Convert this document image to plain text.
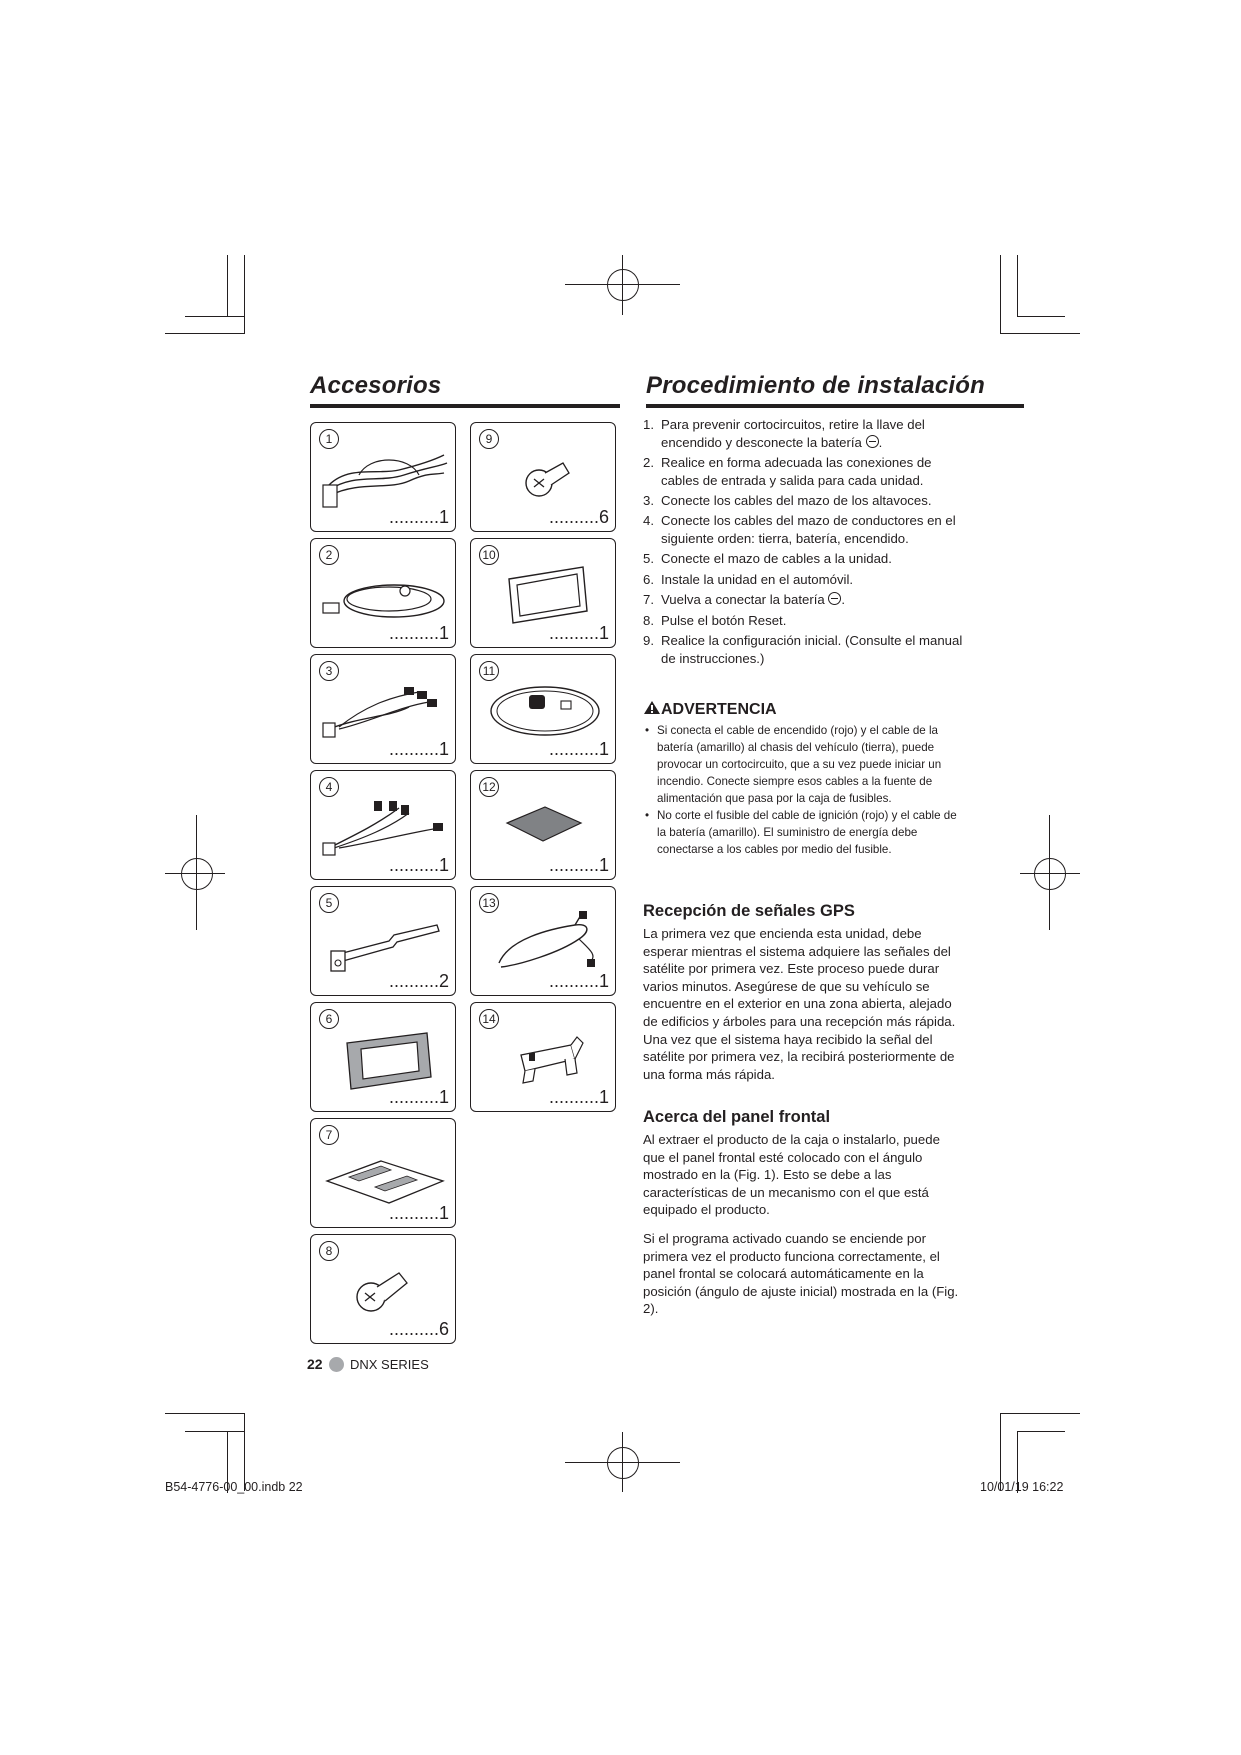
Accesorios
1
..........1
2
..........1
3
..........1
4
..........1
5
..........2
6
..........1
7
..........1
8
..........6
9
..........6
10
..........1
11
..........1
12
..........1
13
..........1
14
..........1
Procedimiento de instalación
1. Para prevenir cortocircuitos, retire la llave del encendido y desconecte la batería .
2. Realice en forma adecuada las conexiones de cables de entrada y salida para cada unidad.
3. Conecte los cables del mazo de los altavoces.
4. Conecte los cables del mazo de conductores en el siguiente orden: tierra, batería, encendido.
5. Conecte el mazo de cables a la unidad.
6. Instale la unidad en el automóvil.
7. Vuelva a conectar la batería .
8. Pulse el botón Reset.
9. Realice la configuración inicial. (Consulte el manual de instrucciones.)
ADVERTENCIA
• Si conecta el cable de encendido (rojo) y el cable de la batería (amarillo) al chasis del vehículo (tierra), puede provocar un cortocircuito, que a su vez puede iniciar un incendio. Conecte siempre esos cables a la fuente de alimentación que pasa por la caja de fusibles.
• No corte el fusible del cable de ignición (rojo) y el cable de la batería (amarillo). El suministro de energía debe conectarse a los cables por medio del fusible.
Recepción de señales GPS

La primera vez que encienda esta unidad, debe esperar mientras el sistema adquiere las señales del satélite por primera vez. Este proceso puede durar varios minutos. Asegúrese de que su vehículo se encuentre en el exterior en una zona abierta, alejado de edificios y árboles para una recepción más rápida. Una vez que el sistema haya recibido la señal del satélite por primera vez, la recibirá posteriormente de una forma más rápida.

Acerca del panel frontal

Al extraer el producto de la caja o instalarlo, puede que el panel frontal esté colocado con el ángulo mostrado en la (Fig. 1). Esto se debe a las características de un mecanismo con el que está equipado el producto.

Si el programa activado cuando se enciende por primera vez el producto funciona correctamente, el panel frontal se colocará automáticamente en la posición (ángulo de ajuste inicial) mostrada en la (Fig. 2).

22 DNX SERIES
B54-4776-00_00.indb 22	10/01/19 16:22
